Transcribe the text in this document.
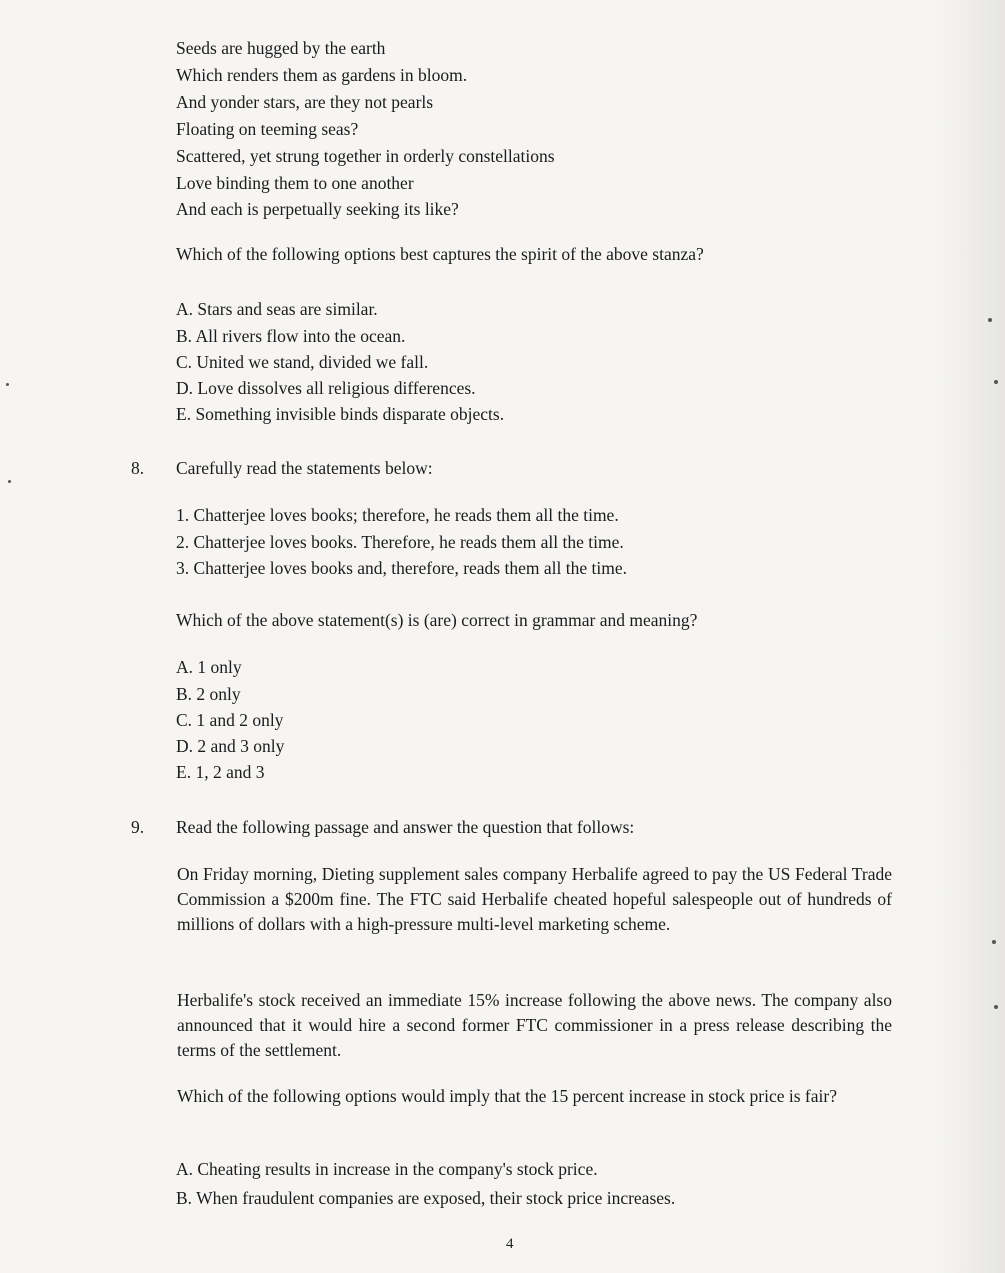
Seeds are hugged by the earth
Which renders them as gardens in bloom.
And yonder stars, are they not pearls
Floating on teeming seas?
Scattered, yet strung together in orderly constellations
Love binding them to one another
And each is perpetually seeking its like?
Which of the following options best captures the spirit of the above stanza?
A. Stars and seas are similar.
B. All rivers flow into the ocean.
C. United we stand, divided we fall.
D. Love dissolves all religious differences.
E. Something invisible binds disparate objects.
8. Carefully read the statements below:
1. Chatterjee loves books; therefore, he reads them all the time.
2. Chatterjee loves books. Therefore, he reads them all the time.
3. Chatterjee loves books and, therefore, reads them all the time.
Which of the above statement(s) is (are) correct in grammar and meaning?
A. 1 only
B. 2 only
C. 1 and 2 only
D. 2 and 3 only
E. 1, 2 and 3
9. Read the following passage and answer the question that follows:
On Friday morning, Dieting supplement sales company Herbalife agreed to pay the US Federal Trade Commission a $200m fine. The FTC said Herbalife cheated hopeful salespeople out of hundreds of millions of dollars with a high-pressure multi-level marketing scheme.
Herbalife's stock received an immediate 15% increase following the above news. The company also announced that it would hire a second former FTC commissioner in a press release describing the terms of the settlement.
Which of the following options would imply that the 15 percent increase in stock price is fair?
A. Cheating results in increase in the company's stock price.
B. When fraudulent companies are exposed, their stock price increases.
4
